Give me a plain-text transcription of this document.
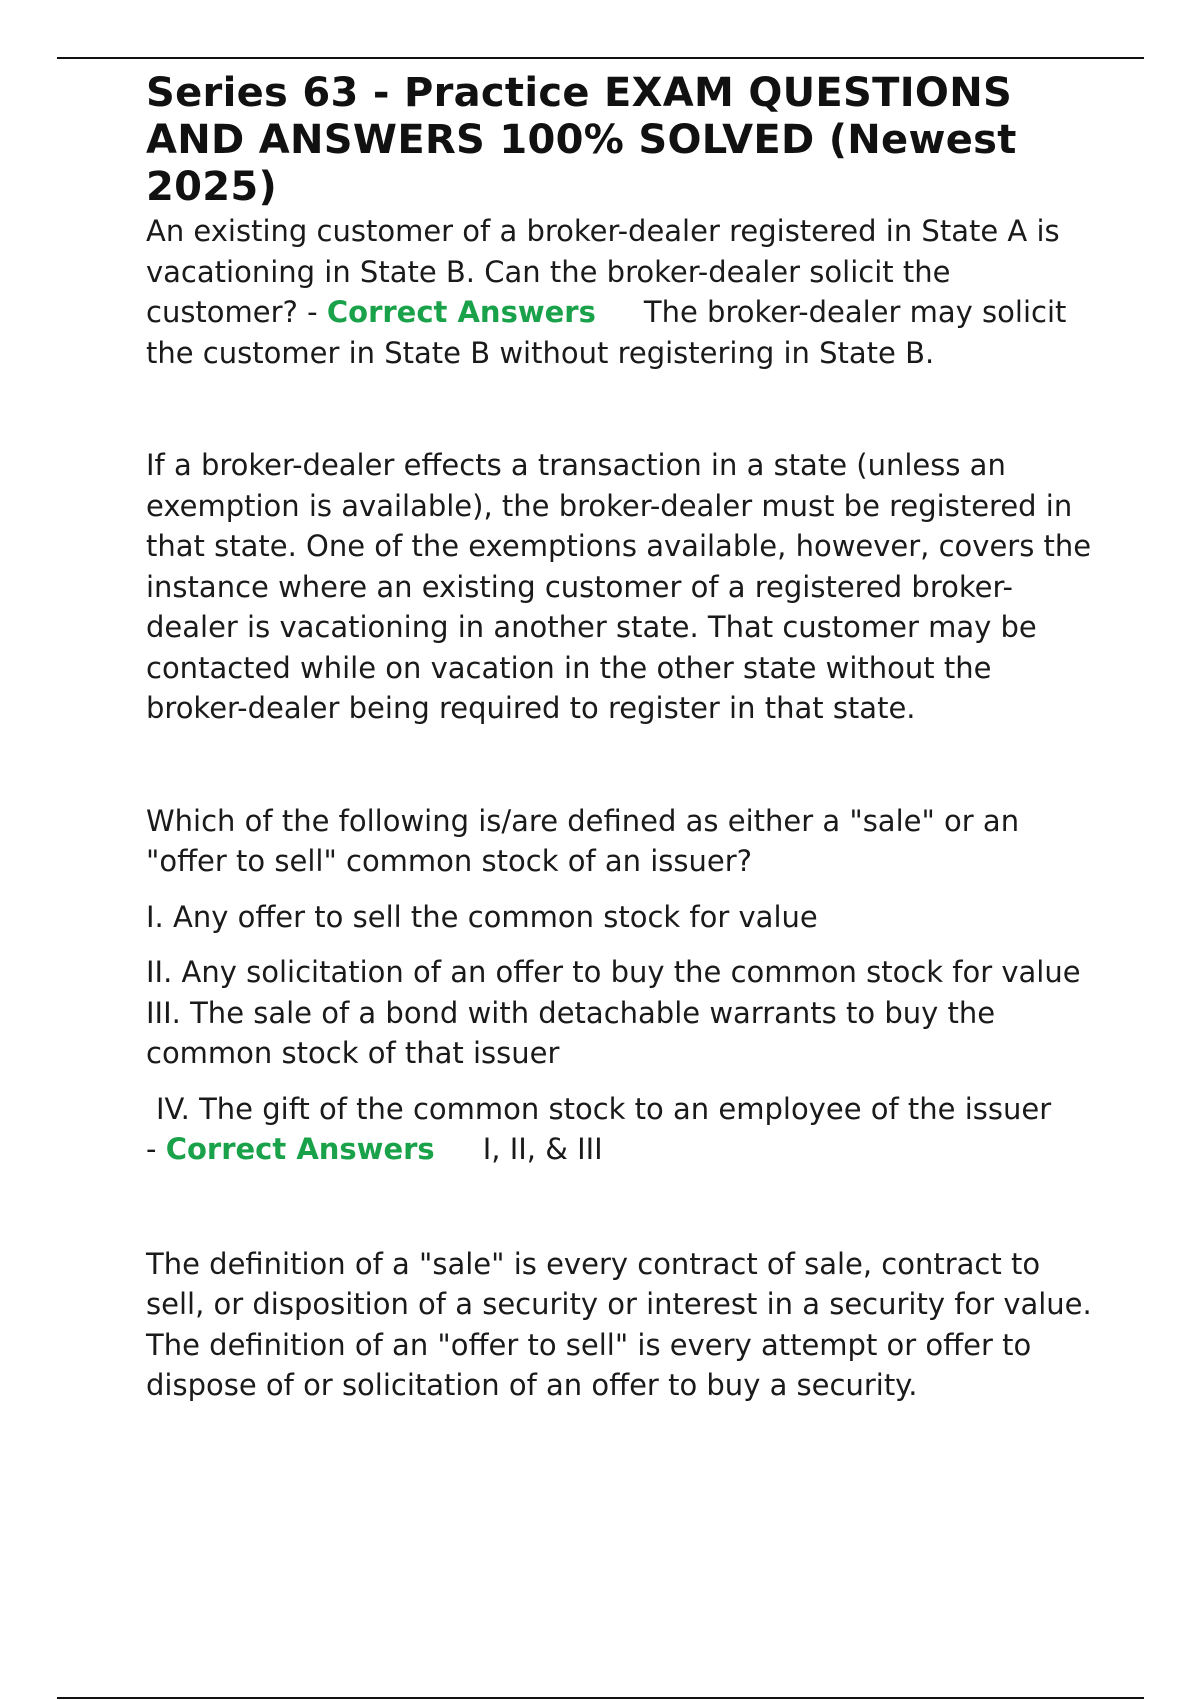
Series 63 - Practice EXAM QUESTIONS AND ANSWERS 100% SOLVED (Newest 2025)

An existing customer of a broker-dealer registered in State A is vacationing in State B. Can the broker-dealer solicit the customer? - Correct Answers The broker-dealer may solicit the customer in State B without registering in State B.

If a broker-dealer effects a transaction in a state (unless an exemption is available), the broker-dealer must be registered in that state. One of the exemptions available, however, covers the instance where an existing customer of a registered broker-dealer is vacationing in another state. That customer may be contacted while on vacation in the other state without the broker-dealer being required to register in that state.

Which of the following is/are defined as either a "sale" or an "offer to sell" common stock of an issuer?

I. Any offer to sell the common stock for value

II. Any solicitation of an offer to buy the common stock for value III. The sale of a bond with detachable warrants to buy the common stock of that issuer

IV. The gift of the common stock to an employee of the issuer
- Correct Answers I, II, & III

The definition of a "sale" is every contract of sale, contract to sell, or disposition of a security or interest in a security for value. The definition of an "offer to sell" is every attempt or offer to dispose of or solicitation of an offer to buy a security.
